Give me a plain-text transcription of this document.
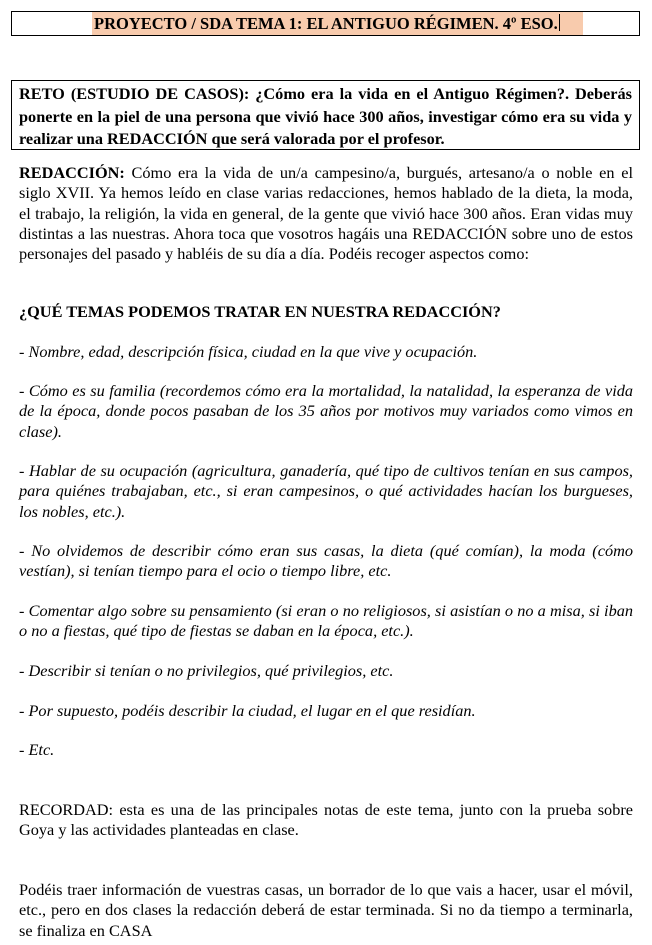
PROYECTO / SDA TEMA 1: EL ANTIGUO RÉGIMEN. 4º ESO.
RETO (ESTUDIO DE CASOS): ¿Cómo era la vida en el Antiguo Régimen?. Deberás ponerte en la piel de una persona que vivió hace 300 años, investigar cómo era su vida y realizar una REDACCIÓN que será valorada por el profesor.

REDACCIÓN: Cómo era la vida de un/a campesino/a, burgués, artesano/a o noble en el siglo XVII. Ya hemos leído en clase varias redacciones, hemos hablado de la dieta, la moda, el trabajo, la religión, la vida en general, de la gente que vivió hace 300 años. Eran vidas muy distintas a las nuestras. Ahora toca que vosotros hagáis una REDACCIÓN sobre uno de estos personajes del pasado y habléis de su día a día. Podéis recoger aspectos como:

¿QUÉ TEMAS PODEMOS TRATAR EN NUESTRA REDACCIÓN?

- Nombre, edad, descripción física, ciudad en la que vive y ocupación.

- Cómo es su familia (recordemos cómo era la mortalidad, la natalidad, la esperanza de vida de la época, donde pocos pasaban de los 35 años por motivos muy variados como vimos en clase).

- Hablar de su ocupación (agricultura, ganadería, qué tipo de cultivos tenían en sus campos, para quiénes trabajaban, etc., si eran campesinos, o qué actividades hacían los burgueses, los nobles, etc.).

- No olvidemos de describir cómo eran sus casas, la dieta (qué comían), la moda (cómo vestían), si tenían tiempo para el ocio o tiempo libre, etc.

- Comentar algo sobre su pensamiento (si eran o no religiosos, si asistían o no a misa, si iban o no a fiestas, qué tipo de fiestas se daban en la época, etc.).

- Describir si tenían o no privilegios, qué privilegios, etc.

- Por supuesto, podéis describir la ciudad, el lugar en el que residían.

- Etc.

RECORDAD: esta es una de las principales notas de este tema, junto con la prueba sobre Goya y las actividades planteadas en clase.

Podéis traer información de vuestras casas, un borrador de lo que vais a hacer, usar el móvil, etc., pero en dos clases la redacción deberá de estar terminada. Si no da tiempo a terminarla, se finaliza en CASA
